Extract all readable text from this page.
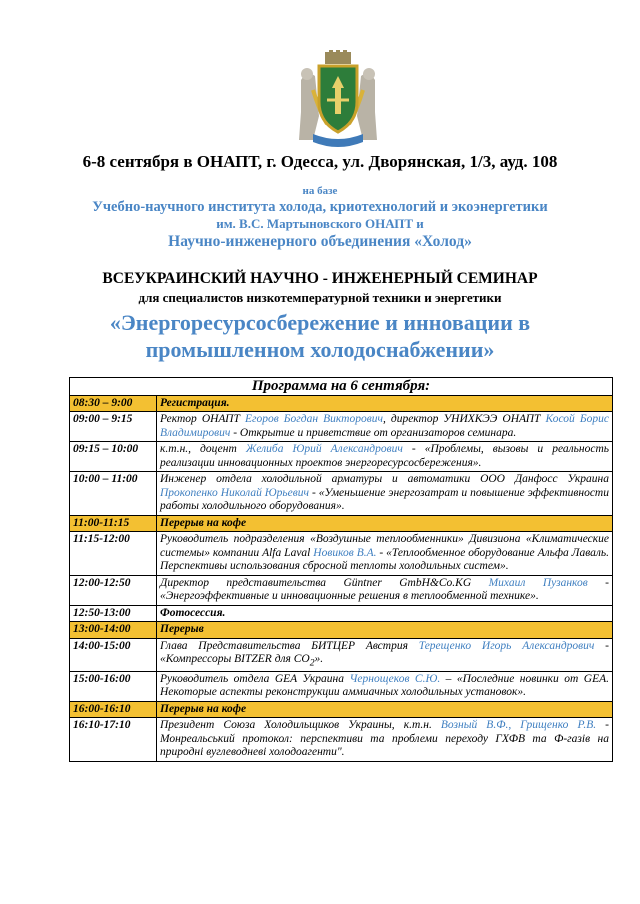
6-8 сентября в ОНАПТ, г. Одесса, ул. Дворянская, 1/3, ауд. 108
на базе
Учебно-научного института холода, криотехнологий и экоэнергетики
им. В.С. Мартыновского ОНАПТ и
Научно-инженерного объединения «Холод»
ВСЕУКРАИНСКИЙ НАУЧНО - ИНЖЕНЕРНЫЙ СЕМИНАР
для специалистов низкотемпературной техники и энергетики
«Энергоресурсосбережение и инновации в
промышленном холодоснабжении»
Программа на 6 сентября:	
08:30 – 9:00	Регистрация.
09:00 – 9:15	Ректор ОНАПТ Егоров Богдан Викторович, директор УНИХКЭЭ ОНАПТ Косой Борис Владимирович - Открытие и приветствие от организаторов семинара.
09:15 – 10:00	к.т.н., доцент Желиба Юрий Александрович - «Проблемы, вызовы и реальность реализации инновационных проектов энергоресурсосбережения».
10:00 – 11:00	Инженер отдела холодильной арматуры и автоматики ООО Данфосс Украина Прокопенко Николай Юрьевич - «Уменьшение энергозатрат и повышение эффективности работы холодильного оборудования».
11:00-11:15	Перерыв на кофе
11:15-12:00	Руководитель подразделения «Воздушные теплообменники» Дивизиона «Климатические системы» компании Alfa Laval Новиков В.А. - «Теплообменное оборудование Альфа Лаваль. Перспективы использования сбросной теплоты холодильных систем».
12:00-12:50	Директор представительства Güntner GmbH&Co.KG Михаил Пузанков - «Энергоэффективные и инновационные решения в теплообменной технике».
12:50-13:00	Фотосессия.
13:00-14:00	Перерыв
14:00-15:00	Глава Представительства БИТЦЕР Австрия Терещенко Игорь Александрович - «Компрессоры BITZER для $CO_2$».
15:00-16:00	Руководитель отдела GEA Украина Чернощеков С.Ю. – «Последние новинки от GEA. Некоторые аспекты реконструкции аммиачных холодильных установок».
16:00-16:10	Перерыв на кофе
16:10-17:10	Президент Союза Холодильщиков Украины, к.т.н. Возный В.Ф., Грищенко Р.В. - Монреальський протокол: перспективи та проблеми переходу ГХФВ та Ф-газів на природні вуглеводневі холодоагенти".
